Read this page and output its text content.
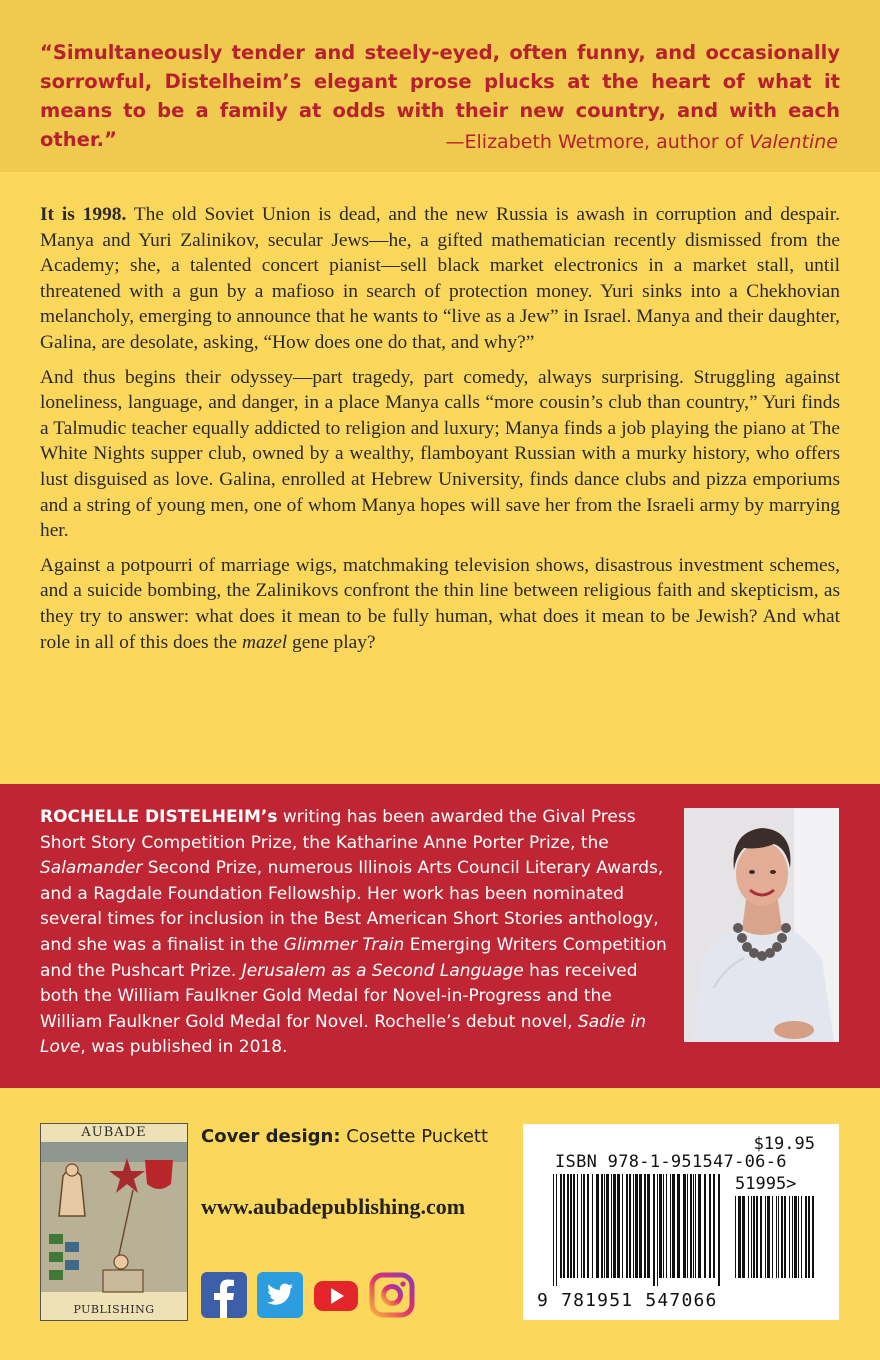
“Simultaneously tender and steely-eyed, often funny, and occasionally sorrowful, Distelheim’s elegant prose plucks at the heart of what it means to be a family at odds with their new country, and with each other.”	—Elizabeth Wetmore, author of Valentine

It is 1998. The old Soviet Union is dead, and the new Russia is awash in corruption and despair. Manya and Yuri Zalinikov, secular Jews—he, a gifted mathematician recently dismissed from the Academy; she, a talented concert pianist—sell black market electronics in a market stall, until threatened with a gun by a mafioso in search of protection money. Yuri sinks into a Chekhovian melancholy, emerging to announce that he wants to “live as a Jew” in Israel. Manya and their daughter, Galina, are desolate, asking, “How does one do that, and why?”

And thus begins their odyssey—part tragedy, part comedy, always surprising. Struggling against loneliness, language, and danger, in a place Manya calls “more cousin’s club than country,” Yuri finds a Talmudic teacher equally addicted to religion and luxury; Manya finds a job playing the piano at The White Nights supper club, owned by a wealthy, flamboyant Russian with a murky history, who offers lust disguised as love. Galina, enrolled at Hebrew University, finds dance clubs and pizza emporiums and a string of young men, one of whom Manya hopes will save her from the Israeli army by marrying her.

Against a potpourri of marriage wigs, matchmaking television shows, disastrous investment schemes, and a suicide bombing, the Zalinikovs confront the thin line between religious faith and skepticism, as they try to answer: what does it mean to be fully human, what does it mean to be Jewish? And what role in all of this does the mazel gene play?

ROCHELLE DISTELHEIM’s writing has been awarded the Gival Press Short Story Competition Prize, the Katharine Anne Porter Prize, the Salamander Second Prize, numerous Illinois Arts Council Literary Awards, and a Ragdale Foundation Fellowship. Her work has been nominated several times for inclusion in the Best American Short Stories anthology, and she was a finalist in the Glimmer Train Emerging Writers Competition and the Pushcart Prize. Jerusalem as a Second Language has received both the William Faulkner Gold Medal for Novel-in-Progress and the William Faulkner Gold Medal for Novel. Rochelle’s debut novel, Sadie in Love, was published in 2018.
AUBADE
PUBLISHING
Cover design: Cosette Puckett
www.aubadepublishing.com
$19.95
ISBN 978-1-951547-06-6
51995>
9 781951 547066
